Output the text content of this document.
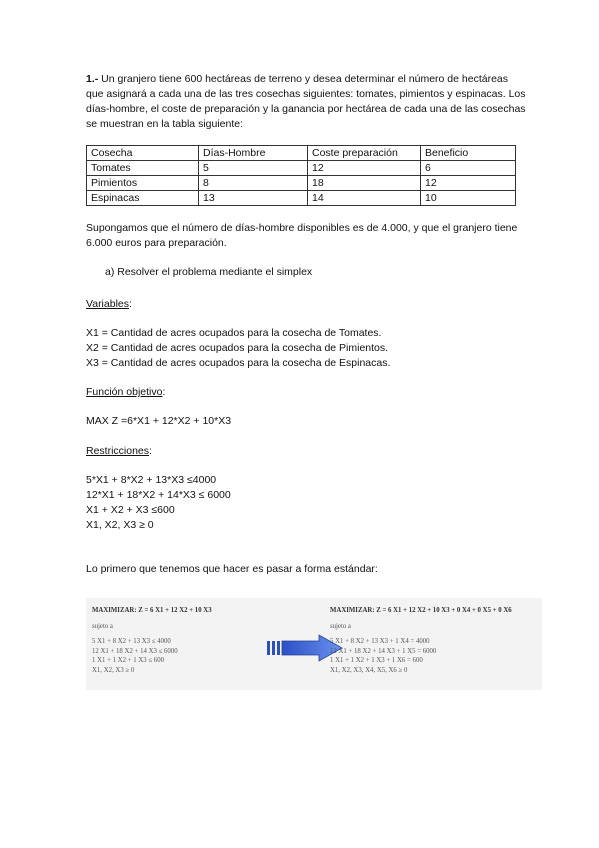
1.- Un granjero tiene 600 hectáreas de terreno y desea determinar el número de hectáreas que asignará a cada una de las tres cosechas siguientes: tomates, pimientos y espinacas. Los días-hombre, el coste de preparación y la ganancia por hectárea de cada una de las cosechas se muestran en la tabla siguiente:

Cosecha	Días-Hombre	Coste preparación	Beneficio
Tomates	5	12	6
Pimientos	8	18	12
Espinacas	13	14	10

Supongamos que el número de días-hombre disponibles es de 4.000, y que el granjero tiene 6.000 euros para preparación.

a) Resolver el problema mediante el simplex

Variables:

X1 = Cantidad de acres ocupados para la cosecha de Tomates.

X2 = Cantidad de acres ocupados para la cosecha de Pimientos.

X3 = Cantidad de acres ocupados para la cosecha de Espinacas.

Función objetivo:

MAX Z =6*X1 + 12*X2 + 10*X3

Restricciones:

5*X1 + 8*X2 + 13*X3 ≤4000

12*X1 + 18*X2 + 14*X3 ≤ 6000

X1 + X2 + X3 ≤600

X1, X2, X3 ≥ 0

Lo primero que tenemos que hacer es pasar a forma estándar:

MAXIMIZAR: Z = 6 X1 + 12 X2 + 10 X3
sujeto a
5 X1 + 8 X2 + 13 X3 ≤ 4000
12 X1 + 18 X2 + 14 X3 ≤ 6000
1 X1 + 1 X2 + 1 X3 ≤ 600
X1, X2, X3 ≥ 0
MAXIMIZAR: Z = 6 X1 + 12 X2 + 10 X3 + 0 X4 + 0 X5 + 0 X6
sujeto a
5 X1 + 8 X2 + 13 X3 + 1 X4 = 4000
12 X1 + 18 X2 + 14 X3 + 1 X5 = 6000
1 X1 + 1 X2 + 1 X3 + 1 X6 = 600
X1, X2, X3, X4, X5, X6 ≥ 0
